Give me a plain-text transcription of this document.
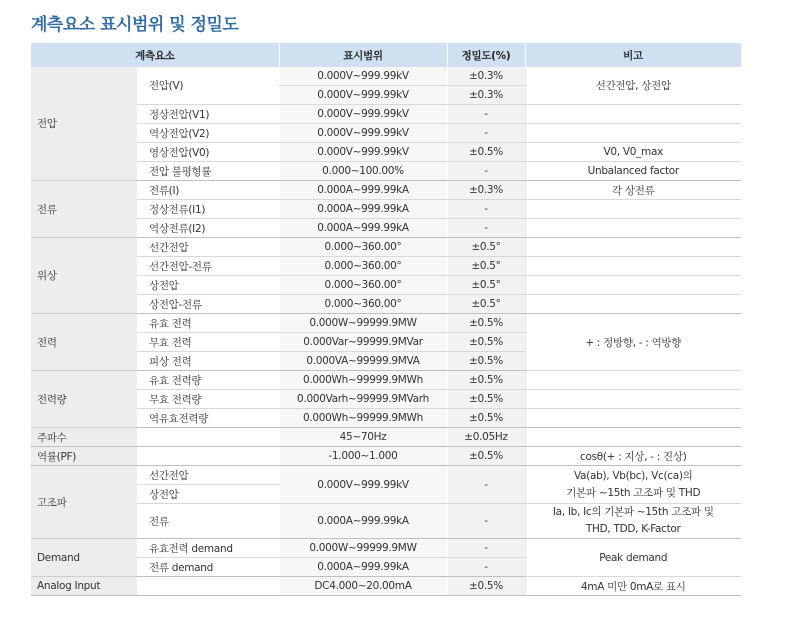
계측요소 표시범위 및 정밀도
계측요소		표시범위	정밀도(%)	비고
전압	전압(V)	0.000V~999.99kV	±0.3%	선간전압, 상전압
		0.000V~999.99kV	±0.3%	
	정상전압(V1)	0.000V~999.99kV	-	
	역상전압(V2)	0.000V~999.99kV	-	
	영상전압(V0)	0.000V~999.99kV	±0.5%	V0, V0_max
	전압 불평형률	0.000~100.00%	-	Unbalanced factor
전류	전류(I)	0.000A~999.99kA	±0.3%	각 상전류
	정상전류(I1)	0.000A~999.99kA	-	
	역상전류(I2)	0.000A~999.99kA	-	
위상	선간전압	0.000~360.00°	±0.5°	
	선간전압-전류	0.000~360.00°	±0.5°	
	상전압	0.000~360.00°	±0.5°	
	상전압-전류	0.000~360.00°	±0.5°	
전력	유효 전력	0.000W~99999.9MW	±0.5%	+ : 정방향, - : 역방향
	무효 전력	0.000Var~99999.9MVar	±0.5%	
	피상 전력	0.000VA~99999.9MVA	±0.5%	
전력량	유효 전력량	0.000Wh~99999.9MWh	±0.5%	
	무효 전력량	0.000Varh~99999.9MVarh	±0.5%	
	역유효전력량	0.000Wh~99999.9MWh	±0.5%	
주파수		45~70Hz	±0.05Hz	
역률(PF)		-1.000~1.000	±0.5%	cosθ(+ : 지상, - : 진상)
고조파	선간전압	0.000V~999.99kV	-	Va(ab), Vb(bc), Vc(ca)의
기본파 ~15th 고조파 및 THD

	상전압			
	전류	0.000A~999.99kA	-	Ia, Ib, Ic의 기본파 ~15th 고조파 및
THD, TDD, K-Factor

Demand	유효전력 demand	0.000W~99999.9MW	-	Peak demand
	전류 demand	0.000A~999.99kA	-	
Analog Input		DC4.000~20.00mA	±0.5%	4mA 미만 0mA로 표시
